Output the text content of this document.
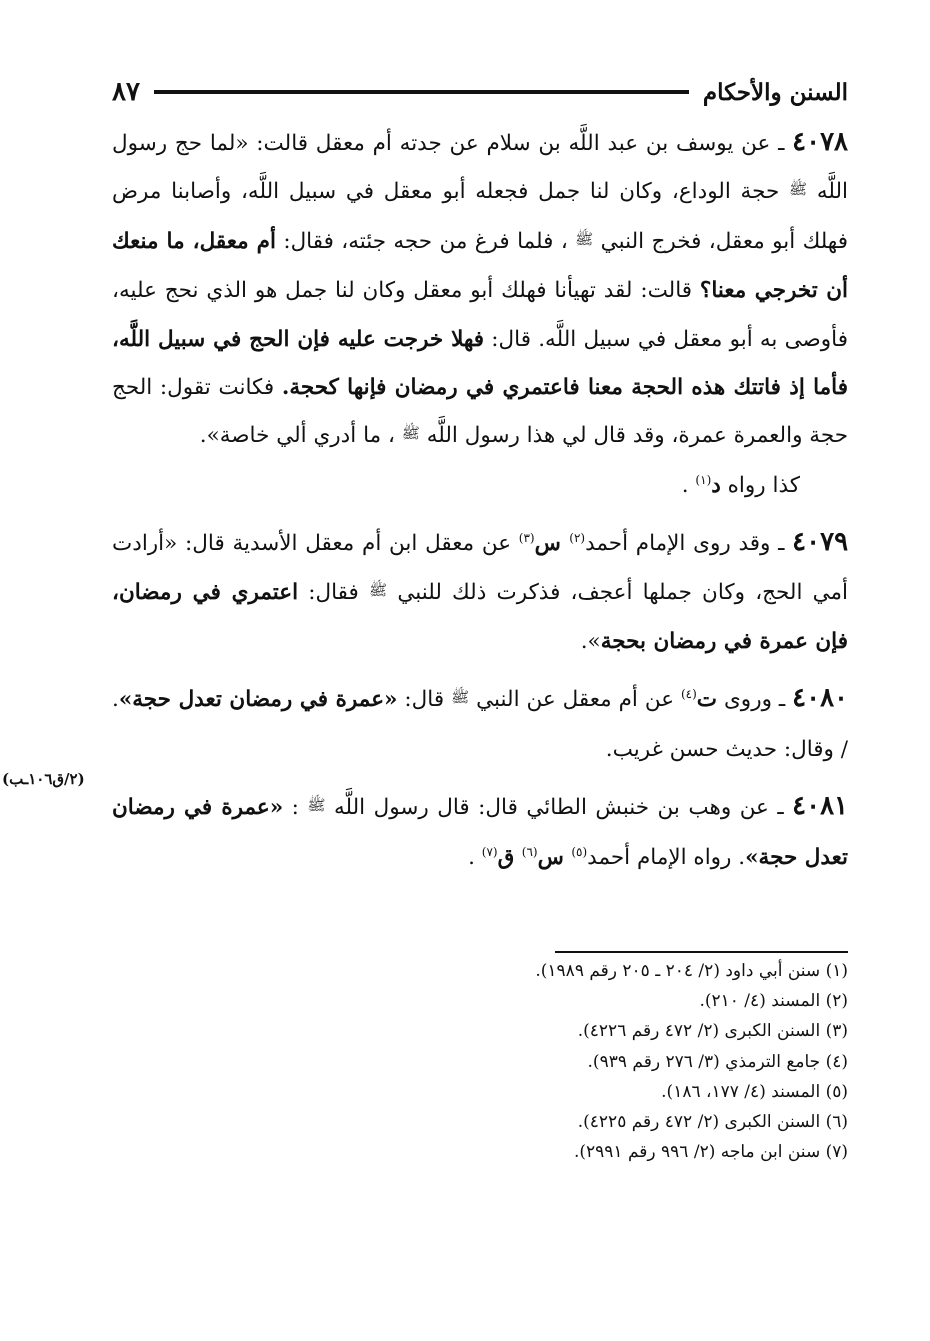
السنن والأحكام
٨٧

٤٠٧٨ ـ عن يوسف بن عبد اللَّه بن سلام عن جدته أم معقل قالت: «لما حج رسول اللَّه ﷺ حجة الوداع، وكان لنا جمل فجعله أبو معقل في سبيل اللَّه، وأصابنا مرض فهلك أبو معقل، فخرج النبي ﷺ ، فلما فرغ من حجه جئته، فقال: أم معقل، ما منعك أن تخرجي معنا؟ قالت: لقد تهيأنا فهلك أبو معقل وكان لنا جمل هو الذي نحج عليه، فأوصى به أبو معقل في سبيل اللَّه. قال: فهلا خرجت عليه فإن الحج في سبيل اللَّه، فأما إذ فاتتك هذه الحجة معنا فاعتمري في رمضان فإنها كحجة. فكانت تقول: الحج حجة والعمرة عمرة، وقد قال لي هذا رسول اللَّه ﷺ ، ما أدري ألي خاصة».
كذا رواه د$^{(١)}$ .

٤٠٧٩ ـ وقد روى الإمام أحمد$^{(٢)}$ س$^{(٣)}$ عن معقل ابن أم معقل الأسدية قال: «أرادت أمي الحج، وكان جملها أعجف، فذكرت ذلك للنبي ﷺ فقال: اعتمري في رمضان، فإن عمرة في رمضان بحجة».

٤٠٨٠ ـ وروى ت$^{(٤)}$ عن أم معقل عن النبي ﷺ قال: «عمرة في رمضان تعدل حجة». / وقال: حديث حسن غريب.

٤٠٨١ ـ عن وهب بن خنبش الطائي قال: قال رسول اللَّه ﷺ : «عمرة في رمضان تعدل حجة». رواه الإمام أحمد$^{(٥)}$ س$^{(٦)}$ ق$^{(٧)}$ .

(٢/ق١٠٦ـب)
(١) سنن أبي داود (٢/ ٢٠٤ ـ ٢٠٥ رقم ١٩٨٩).
(٢) المسند (٤/ ٢١٠).
(٣) السنن الكبرى (٢/ ٤٧٢ رقم ٤٢٢٦).
(٤) جامع الترمذي (٣/ ٢٧٦ رقم ٩٣٩).
(٥) المسند (٤/ ١٧٧، ١٨٦).
(٦) السنن الكبرى (٢/ ٤٧٢ رقم ٤٢٢٥).
(٧) سنن ابن ماجه (٢/ ٩٩٦ رقم ٢٩٩١).
